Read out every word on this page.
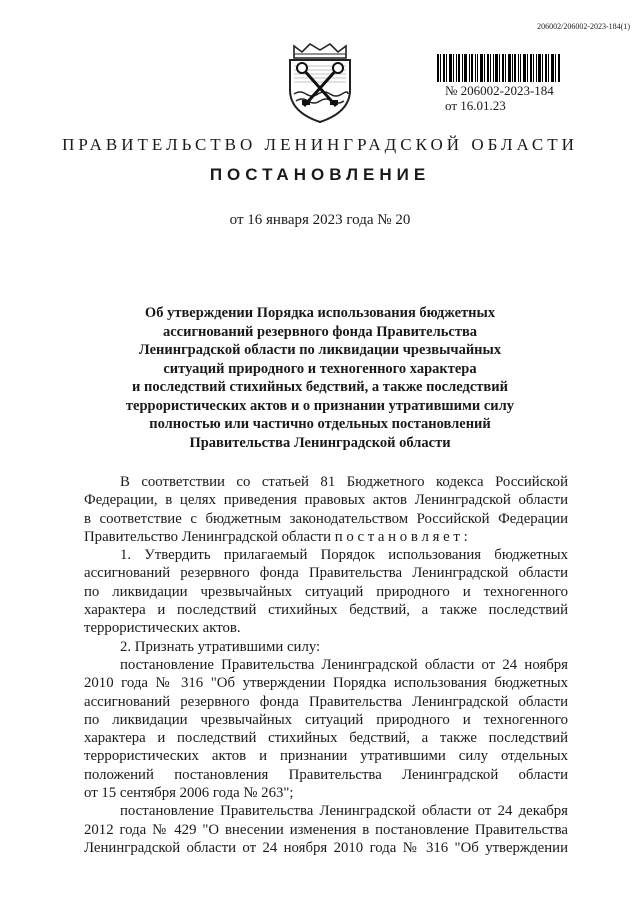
206002/206002-2023-184(1)
№ 206002-2023-184
от 16.01.23
ПРАВИТЕЛЬСТВО ЛЕНИНГРАДСКОЙ ОБЛАСТИ
ПОСТАНОВЛЕНИЕ
от 16 января 2023 года № 20
Об утверждении Порядка использования бюджетных
ассигнований резервного фонда Правительства
Ленинградской области по ликвидации чрезвычайных
ситуаций природного и техногенного характера
и последствий стихийных бедствий, а также последствий
террористических актов и о признании утратившими силу
полностью или частично отдельных постановлений
Правительства Ленинградской области
В соответствии со статьей 81 Бюджетного кодекса Российской
Федерации, в целях приведения правовых актов Ленинградской области
в соответствие с бюджетным законодательством Российской Федерации
Правительство Ленинградской области п о с т а н о в л я е т :
1. Утвердить прилагаемый Порядок использования бюджетных
ассигнований резервного фонда Правительства Ленинградской области
по ликвидации чрезвычайных ситуаций природного и техногенного
характера и последствий стихийных бедствий, а также последствий
террористических актов.
2. Признать утратившими силу:
постановление Правительства Ленинградской области от 24 ноября
2010 года № 316 "Об утверждении Порядка использования бюджетных
ассигнований резервного фонда Правительства Ленинградской области
по ликвидации чрезвычайных ситуаций природного и техногенного
характера и последствий стихийных бедствий, а также последствий
террористических актов и признании утратившими силу отдельных
положений постановления Правительства Ленинградской области
от 15 сентября 2006 года № 263";
постановление Правительства Ленинградской области от 24 декабря
2012 года № 429 "О внесении изменения в постановление Правительства
Ленинградской области от 24 ноября 2010 года № 316 "Об утверждении
